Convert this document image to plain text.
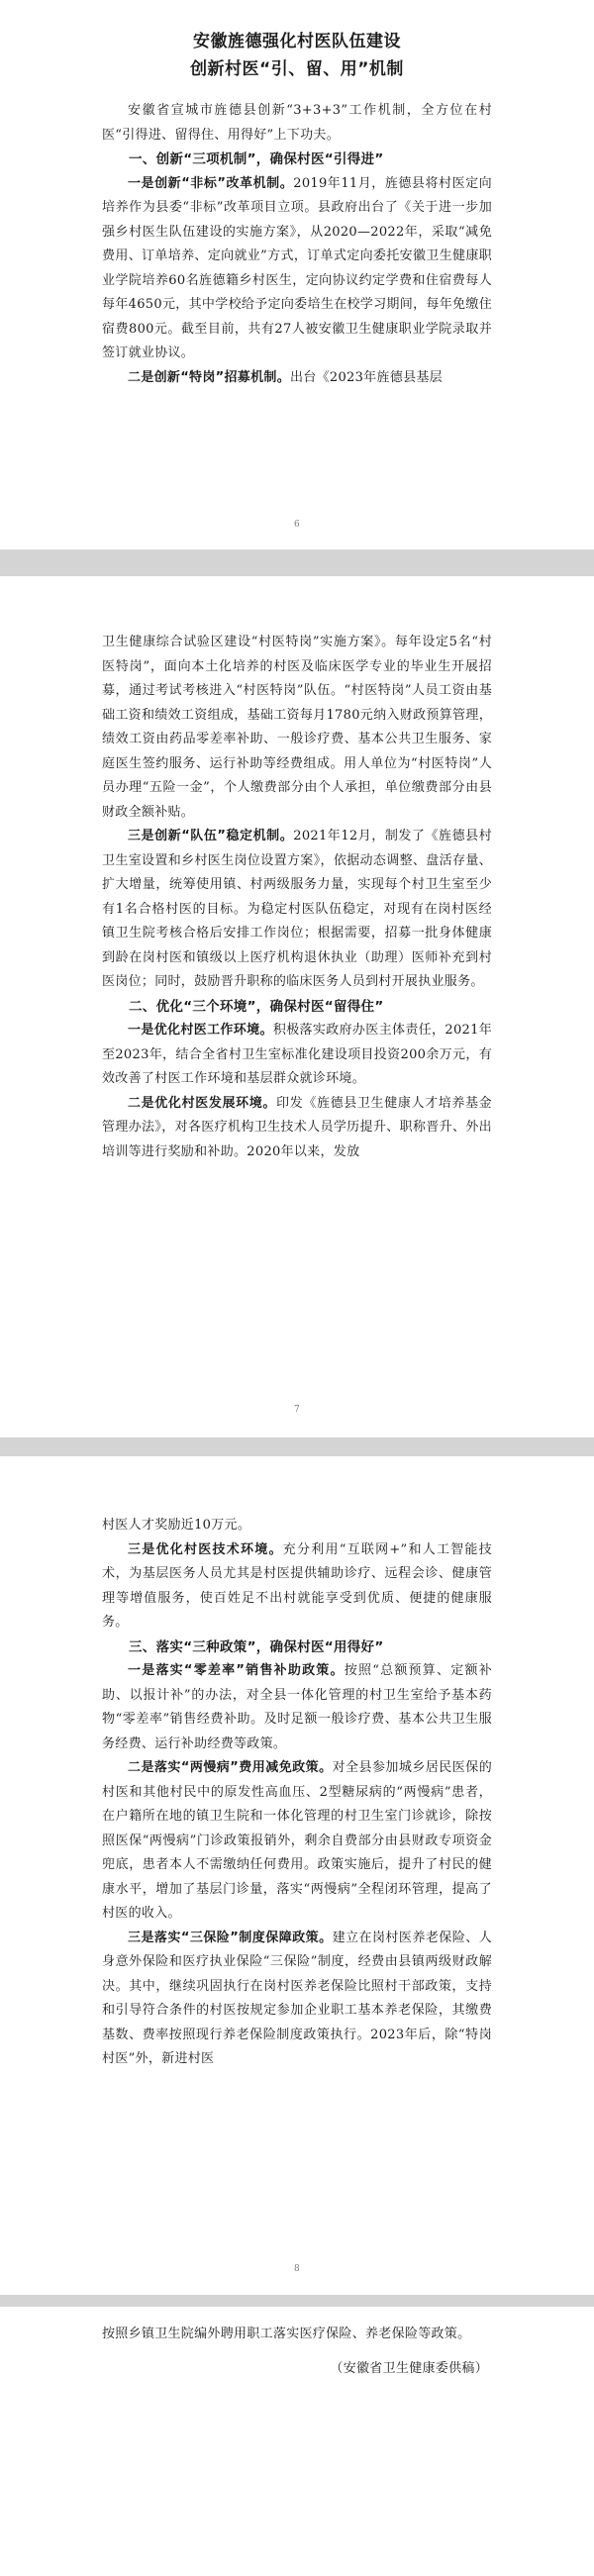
安徽旌德强化村医队伍建设
创新村医“引、留、用”机制

安徽省宣城市旌德县创新“3+3+3”工作机制，全方位在村医“引得进、留得住、用得好”上下功夫。

一、创新“三项机制”，确保村医“引得进”

一是创新“非标”改革机制。2019年11月，旌德县将村医定向培养作为县委“非标”改革项目立项。县政府出台了《关于进一步加强乡村医生队伍建设的实施方案》，从2020—2022年，采取“减免费用、订单培养、定向就业”方式，订单式定向委托安徽卫生健康职业学院培养60名旌德籍乡村医生，定向协议约定学费和住宿费每人每年4650元，其中学校给予定向委培生在校学习期间，每年免缴住宿费800元。截至目前，共有27人被安徽卫生健康职业学院录取并签订就业协议。

二是创新“特岗”招募机制。出台《2023年旌德县基层

6

卫生健康综合试验区建设“村医特岗”实施方案》。每年设定5名“村医特岗”，面向本土化培养的村医及临床医学专业的毕业生开展招募，通过考试考核进入“村医特岗”队伍。“村医特岗”人员工资由基础工资和绩效工资组成，基础工资每月1780元纳入财政预算管理，绩效工资由药品零差率补助、一般诊疗费、基本公共卫生服务、家庭医生签约服务、运行补助等经费组成。用人单位为“村医特岗”人员办理“五险一金”，个人缴费部分由个人承担，单位缴费部分由县财政全额补贴。

三是创新“队伍”稳定机制。2021年12月，制发了《旌德县村卫生室设置和乡村医生岗位设置方案》，依据动态调整、盘活存量、扩大增量，统筹使用镇、村两级服务力量，实现每个村卫生室至少有1名合格村医的目标。为稳定村医队伍稳定，对现有在岗村医经镇卫生院考核合格后安排工作岗位；根据需要，招募一批身体健康到龄在岗村医和镇级以上医疗机构退休执业（助理）医师补充到村医岗位；同时，鼓励晋升职称的临床医务人员到村开展执业服务。

二、优化“三个环境”，确保村医“留得住”

一是优化村医工作环境。积极落实政府办医主体责任，2021年至2023年，结合全省村卫生室标准化建设项目投资200余万元，有效改善了村医工作环境和基层群众就诊环境。

二是优化村医发展环境。印发《旌德县卫生健康人才培养基金管理办法》，对各医疗机构卫生技术人员学历提升、职称晋升、外出培训等进行奖励和补助。2020年以来，发放

7

村医人才奖励近10万元。

三是优化村医技术环境。充分利用“互联网+”和人工智能技术，为基层医务人员尤其是村医提供辅助诊疗、远程会诊、健康管理等增值服务，使百姓足不出村就能享受到优质、便捷的健康服务。

三、落实“三种政策”，确保村医“用得好”

一是落实“零差率”销售补助政策。按照“总额预算、定额补助、以报计补”的办法，对全县一体化管理的村卫生室给予基本药物“零差率”销售经费补助。及时足额一般诊疗费、基本公共卫生服务经费、运行补助经费等政策。

二是落实“两慢病”费用减免政策。对全县参加城乡居民医保的村医和其他村民中的原发性高血压、2型糖尿病的“两慢病”患者，在户籍所在地的镇卫生院和一体化管理的村卫生室门诊就诊，除按照医保“两慢病”门诊政策报销外，剩余自费部分由县财政专项资金兜底，患者本人不需缴纳任何费用。政策实施后，提升了村民的健康水平，增加了基层门诊量，落实“两慢病”全程闭环管理，提高了村医的收入。

三是落实“三保险”制度保障政策。建立在岗村医养老保险、人身意外保险和医疗执业保险“三保险”制度，经费由县镇两级财政解决。其中，继续巩固执行在岗村医养老保险比照村干部政策，支持和引导符合条件的村医按规定参加企业职工基本养老保险，其缴费基数、费率按照现行养老保险制度政策执行。2023年后，除“特岗村医”外，新进村医

8

按照乡镇卫生院编外聘用职工落实医疗保险、养老保险等政策。

（安徽省卫生健康委供稿）
